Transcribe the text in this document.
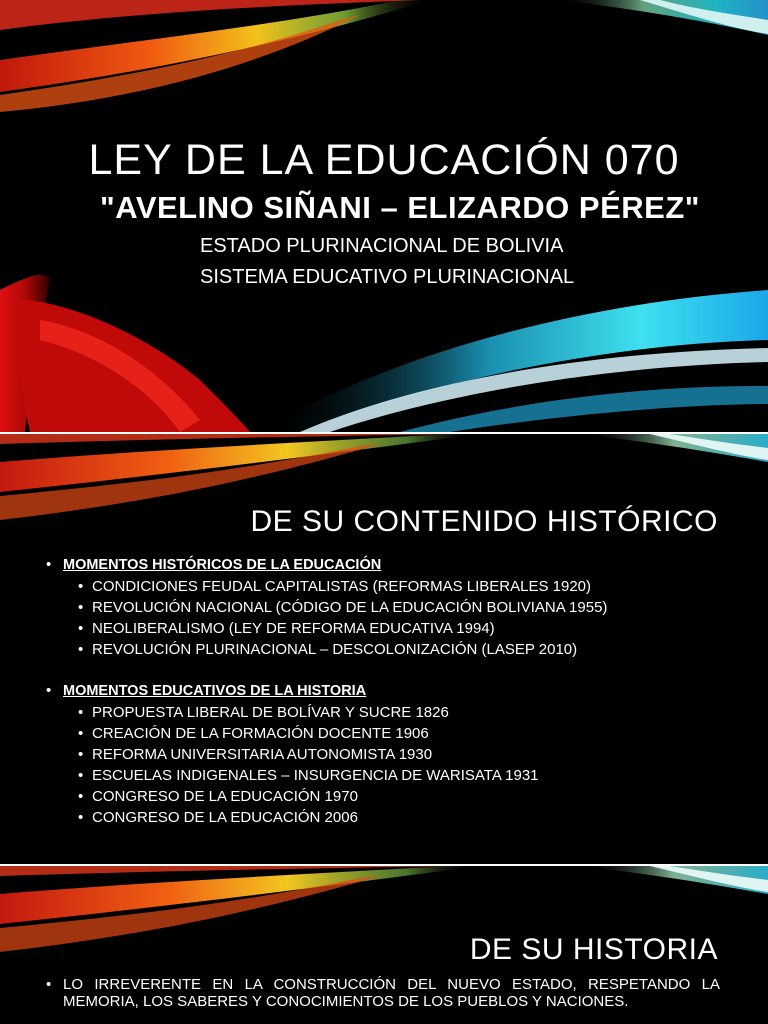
LEY DE LA EDUCACIÓN 070
"AVELINO SIÑANI – ELIZARDO PÉREZ"
ESTADO PLURINACIONAL DE BOLIVIA
SISTEMA EDUCATIVO PLURINACIONAL
DE SU CONTENIDO HISTÓRICO
• MOMENTOS HISTÓRICOS DE LA EDUCACIÓN
• CONDICIONES FEUDAL CAPITALISTAS (REFORMAS LIBERALES 1920)
• REVOLUCIÓN NACIONAL (CÓDIGO DE LA EDUCACIÓN BOLIVIANA 1955)
• NEOLIBERALISMO (LEY DE REFORMA EDUCATIVA 1994)
• REVOLUCIÓN PLURINACIONAL – DESCOLONIZACIÓN (LASEP 2010)
• MOMENTOS EDUCATIVOS DE LA HISTORIA
• PROPUESTA LIBERAL DE BOLÍVAR Y SUCRE 1826
• CREACIÓN DE LA FORMACIÓN DOCENTE 1906
• REFORMA UNIVERSITARIA AUTONOMISTA 1930
• ESCUELAS INDIGENALES – INSURGENCIA DE WARISATA 1931
• CONGRESO DE LA EDUCACIÓN 1970
• CONGRESO DE LA EDUCACIÓN 2006
DE SU HISTORIA
• LO IRREVERENTE EN LA CONSTRUCCIÓN DEL NUEVO ESTADO, RESPETANDO LA MEMORIA, LOS SABERES Y CONOCIMIENTOS DE LOS PUEBLOS Y NACIONES.
